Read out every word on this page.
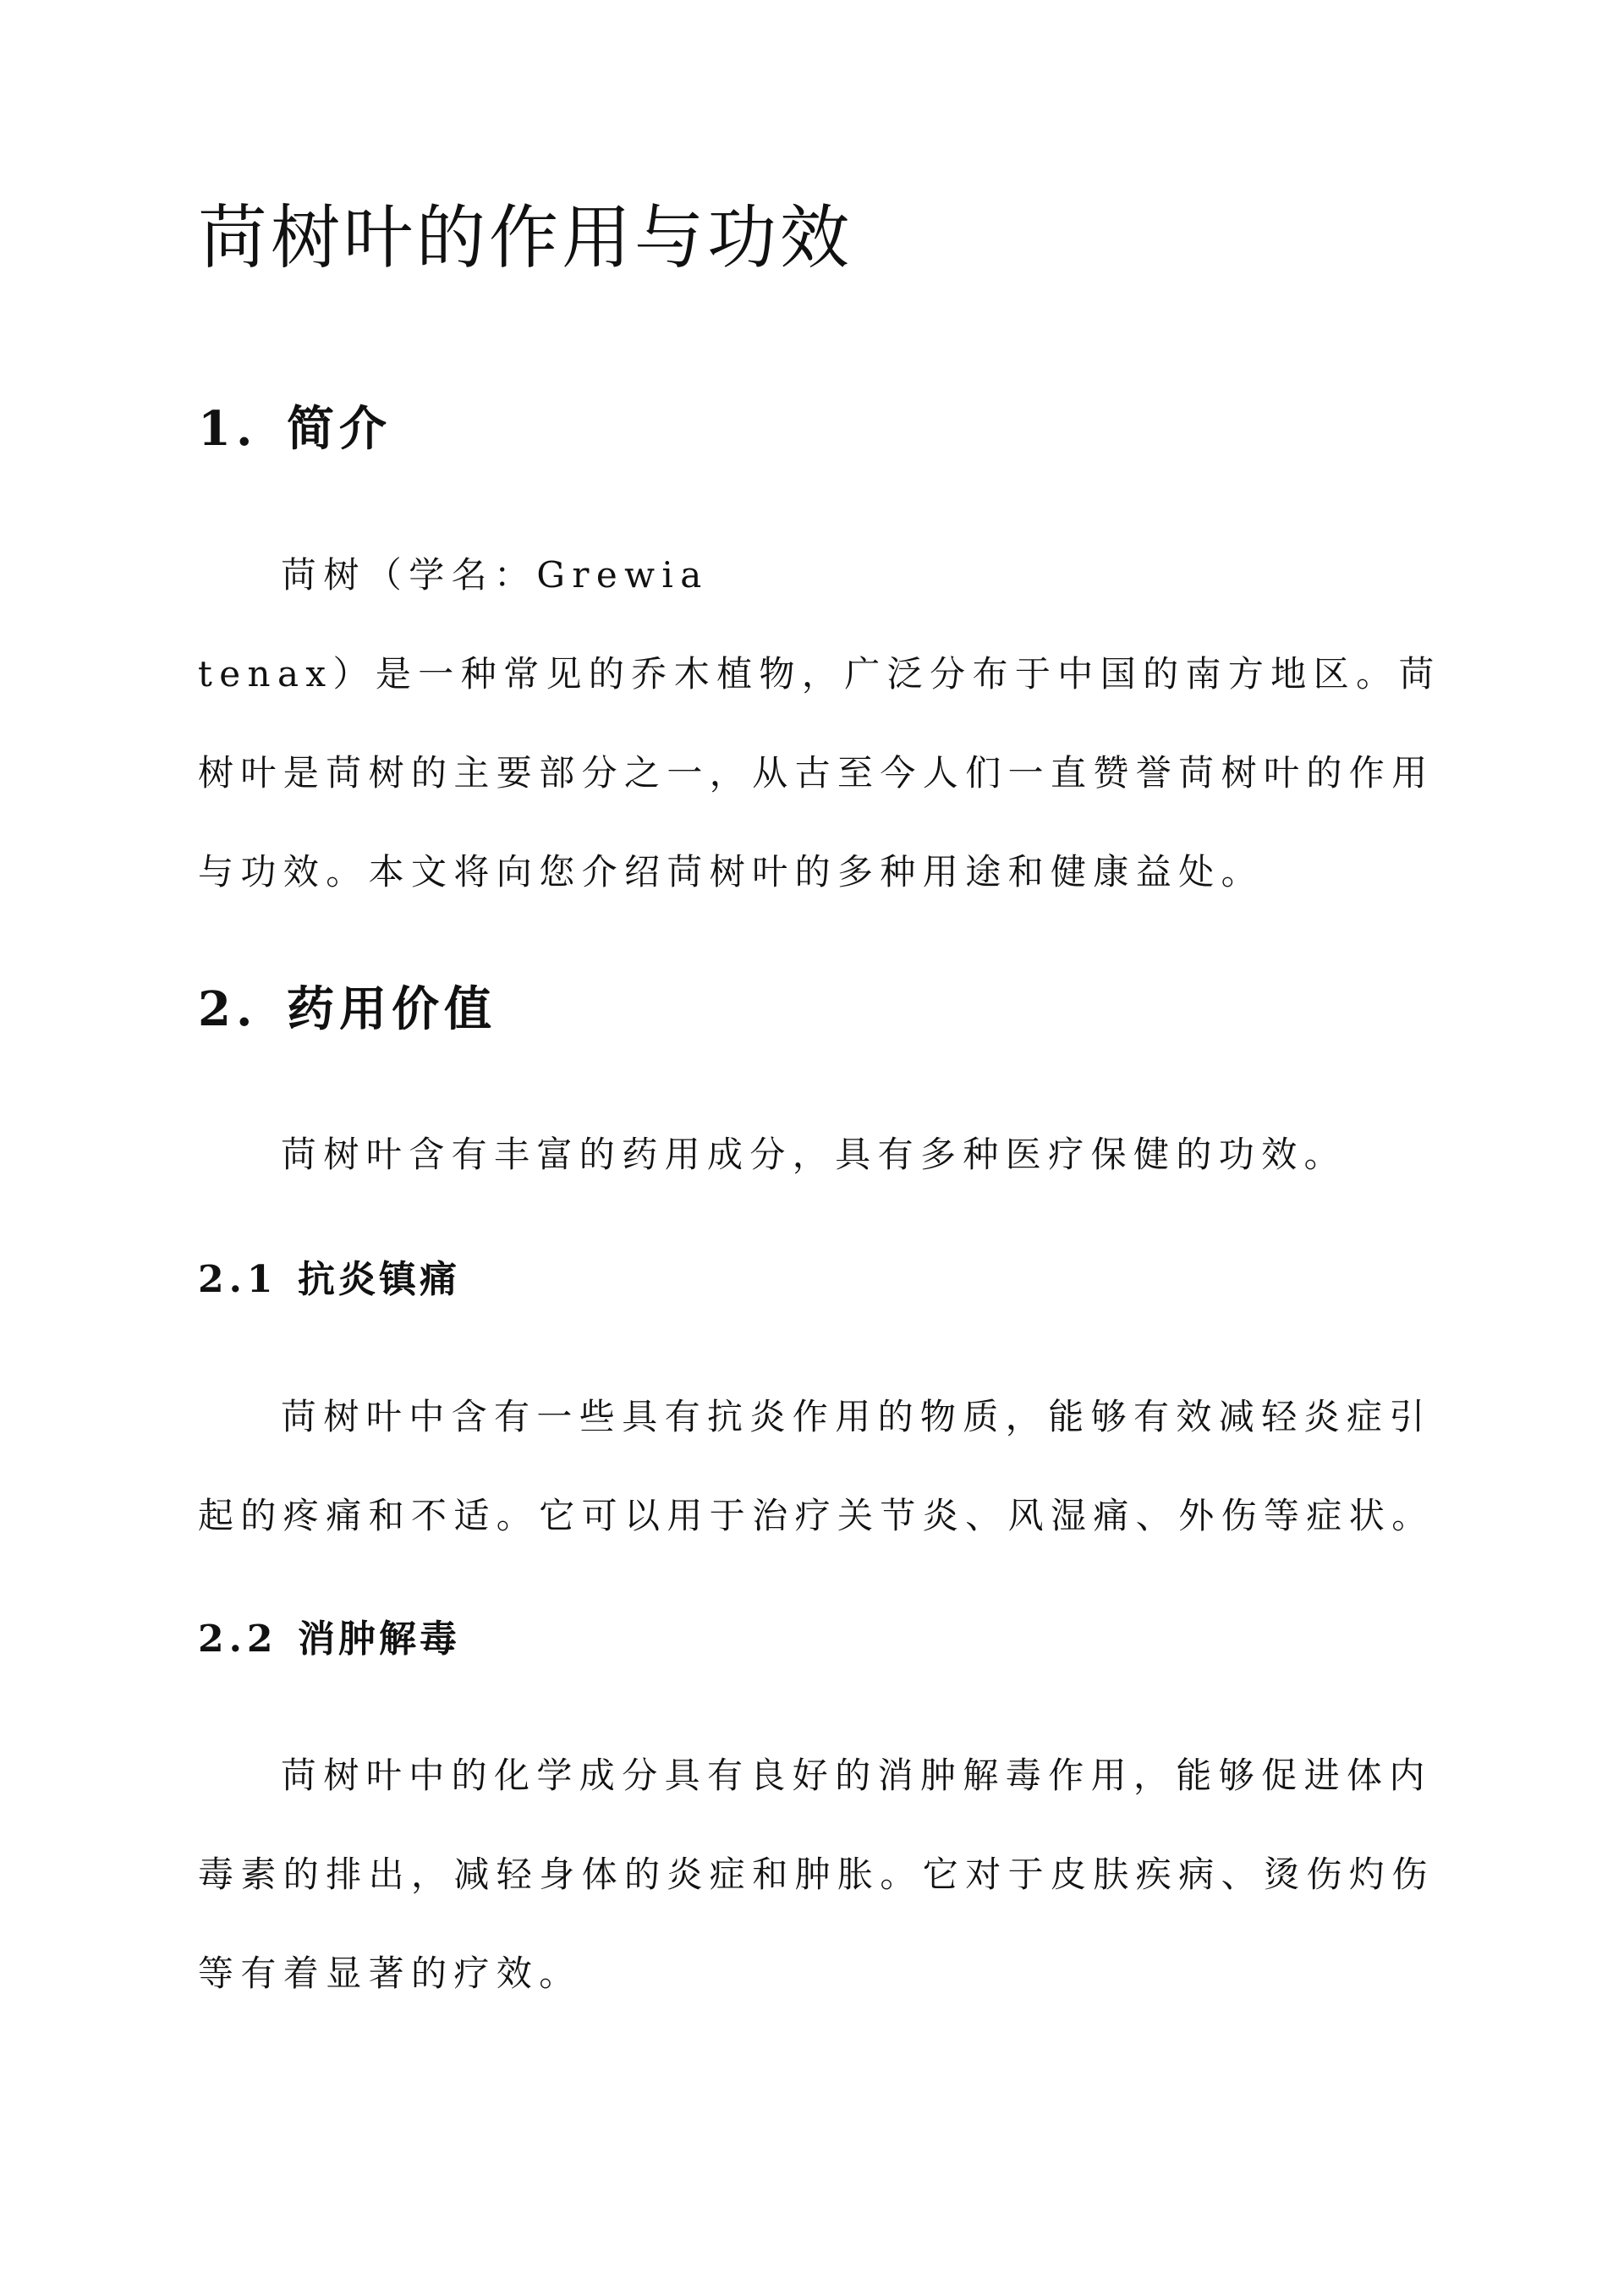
苘树叶的作用与功效
1. 简介
苘树（学名：Grewia
tenax）是一种常见的乔木植物，广泛分布于中国的南方地区。苘
树叶是苘树的主要部分之一，从古至今人们一直赞誉苘树叶的作用
与功效。本文将向您介绍苘树叶的多种用途和健康益处。
2. 药用价值
苘树叶含有丰富的药用成分，具有多种医疗保健的功效。
2.1 抗炎镇痛
苘树叶中含有一些具有抗炎作用的物质，能够有效减轻炎症引
起的疼痛和不适。它可以用于治疗关节炎、风湿痛、外伤等症状。
2.2 消肿解毒
苘树叶中的化学成分具有良好的消肿解毒作用，能够促进体内
毒素的排出，减轻身体的炎症和肿胀。它对于皮肤疾病、烫伤灼伤
等有着显著的疗效。
